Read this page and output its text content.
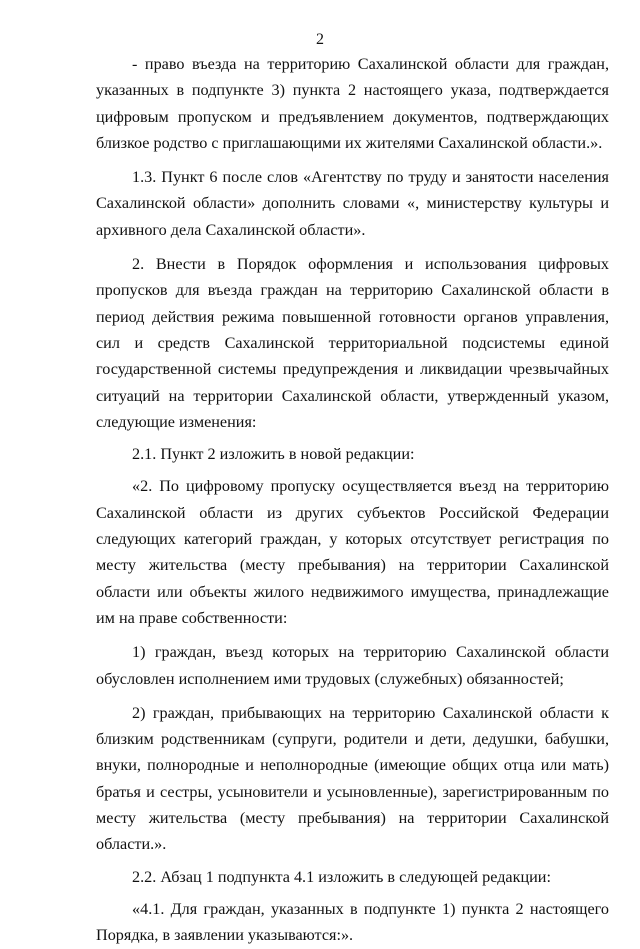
2

- право въезда на территорию Сахалинской области для граждан, указанных в подпункте 3) пункта 2 настоящего указа, подтверждается цифровым пропуском и предъявлением документов, подтверждающих близкое родство с приглашающими их жителями Сахалинской области.».

1.3. Пункт 6 после слов «Агентству по труду и занятости населения Сахалинской области» дополнить словами «, министерству культуры и архивного дела Сахалинской области».

2. Внести в Порядок оформления и использования цифровых пропусков для въезда граждан на территорию Сахалинской области в период действия режима повышенной готовности органов управления, сил и средств Сахалинской территориальной подсистемы единой государственной системы предупреждения и ликвидации чрезвычайных ситуаций на территории Сахалинской области, утвержденный указом, следующие изменения:

2.1. Пункт 2 изложить в новой редакции:

«2. По цифровому пропуску осуществляется въезд на территорию Сахалинской области из других субъектов Российской Федерации следующих категорий граждан, у которых отсутствует регистрация по месту жительства (месту пребывания) на территории Сахалинской области или объекты жилого недвижимого имущества, принадлежащие им на праве собственности:

1) граждан, въезд которых на территорию Сахалинской области обусловлен исполнением ими трудовых (служебных) обязанностей;

2) граждан, прибывающих на территорию Сахалинской области к близким родственникам (супруги, родители и дети, дедушки, бабушки, внуки, полнородные и неполнородные (имеющие общих отца или мать) братья и сестры, усыновители и усыновленные), зарегистрированным по месту жительства (месту пребывания) на территории Сахалинской области.».

2.2. Абзац 1 подпункта 4.1 изложить в следующей редакции:

«4.1. Для граждан, указанных в подпункте 1) пункта 2 настоящего Порядка, в заявлении указываются:».
